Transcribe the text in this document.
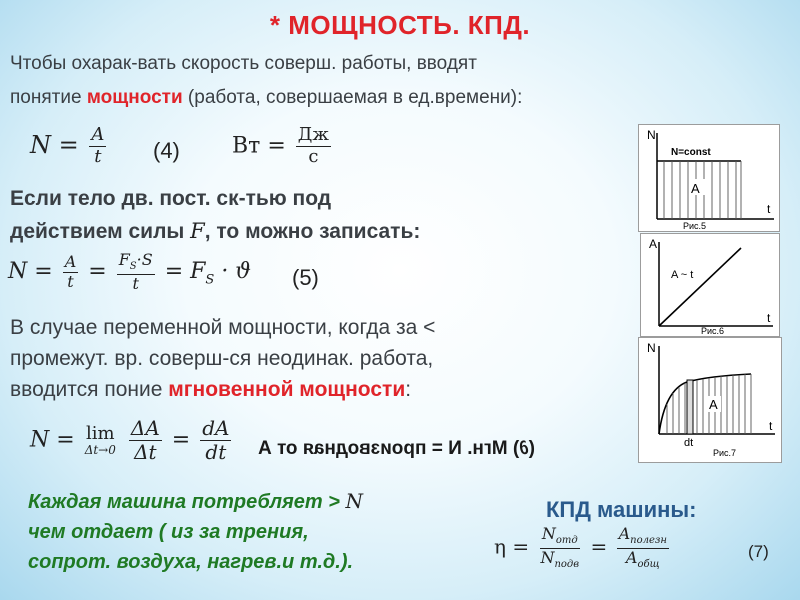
* МОЩНОСТЬ. КПД.
Чтобы охарак-вать скорость соверш. работы, вводят
понятие мощности (работа, совершаемая в ед.времени):
$N = \frac{A}{t} (4)$ Вт = $\frac{Дж}{с}$
Если тело дв. пост. ск-тью под
действием силы F, то можно записать:
$N = \frac{A}{t} = \frac{F_S\cdot S}{t} = F_S \cdot ϑ$ (5)
В случае переменной мощности, когда за <
промежут. вр. соверш-ся неодинак. работа,
вводится поние мгновенной мощности:
N = lim
Δt→0
$\frac{\Delta A}{\Delta t} = \frac{dA}{dt}$ (∂) Мгн. N = производная от A
Каждая машина потребляет > N
чем отдает ( из за трения,
сопрот. воздуха, нагрев.и т.д.).
КПД машины:
$\eta = \frac{N_{отд}}{N_{подв}} = \frac{A_{полезн}}{A_{общ}}$	(7)
A
N
t
N=const
Рис.5
A
t
A ~ t
Рис.6
A
N
t
dt
Рис.7
